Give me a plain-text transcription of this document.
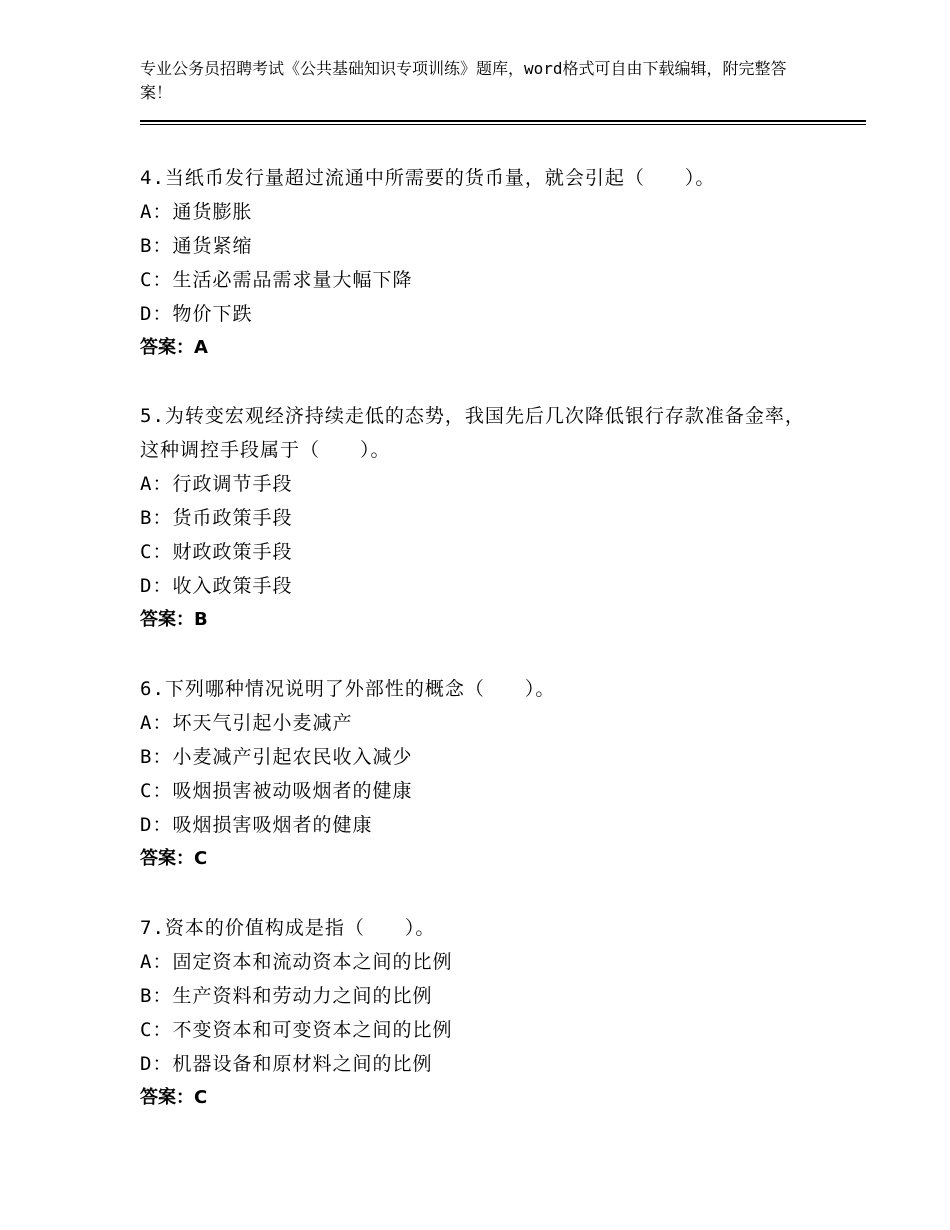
专业公务员招聘考试《公共基础知识专项训练》题库，word格式可自由下载编辑，附完整答案！
4.当纸币发行量超过流通中所需要的货币量，就会引起（　　）。
A：通货膨胀
B：通货紧缩
C：生活必需品需求量大幅下降
D：物价下跌
答案：A
5.为转变宏观经济持续走低的态势，我国先后几次降低银行存款准备金率，这种调控手段属于（　　）。
A：行政调节手段
B：货币政策手段
C：财政政策手段
D：收入政策手段
答案：B
6.下列哪种情况说明了外部性的概念（　　）。
A：坏天气引起小麦减产
B：小麦减产引起农民收入减少
C：吸烟损害被动吸烟者的健康
D：吸烟损害吸烟者的健康
答案：C
7.资本的价值构成是指（　　）。
A：固定资本和流动资本之间的比例
B：生产资料和劳动力之间的比例
C：不变资本和可变资本之间的比例
D：机器设备和原材料之间的比例
答案：C
